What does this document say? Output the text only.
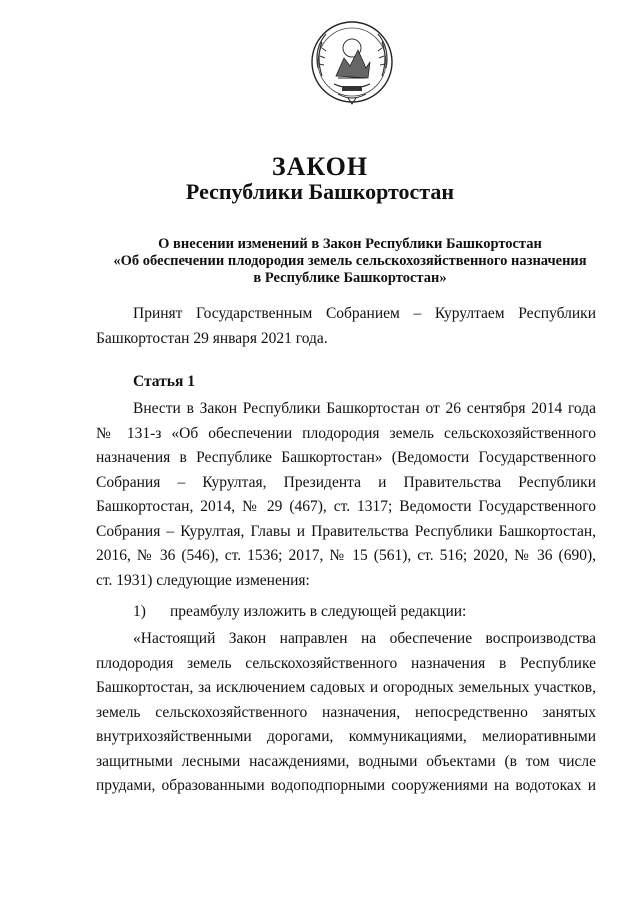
ЗАКОН
Республики Башкортостан
О внесении изменений в Закон Республики Башкортостан
«Об обеспечении плодородия земель сельскохозяйственного назначения
в Республике Башкортостан»
Принят Государственным Собранием – Курултаем Республики
Башкортостан 29 января 2021 года.
Статья 1
Внести в Закон Республики Башкортостан от 26 сентября 2014 года
№ 131-з «Об обеспечении плодородия земель сельскохозяйственного
назначения в Республике Башкортостан» (Ведомости Государственного
Собрания – Курултая, Президента и Правительства Республики
Башкортостан, 2014, № 29 (467), ст. 1317; Ведомости Государственного
Собрания – Курултая, Главы и Правительства Республики Башкортостан,
2016, № 36 (546), ст. 1536; 2017, № 15 (561), ст. 516; 2020, № 36 (690),
ст. 1931) следующие изменения:
1) преамбулу изложить в следующей редакции:
«Настоящий Закон направлен на обеспечение воспроизводства
плодородия земель сельскохозяйственного назначения в Республике
Башкортостан, за исключением садовых и огородных земельных участков,
земель сельскохозяйственного назначения, непосредственно занятых
внутрихозяйственными дорогами, коммуникациями, мелиоративными
защитными лесными насаждениями, водными объектами (в том числе
прудами, образованными водоподпорными сооружениями на водотоках и
